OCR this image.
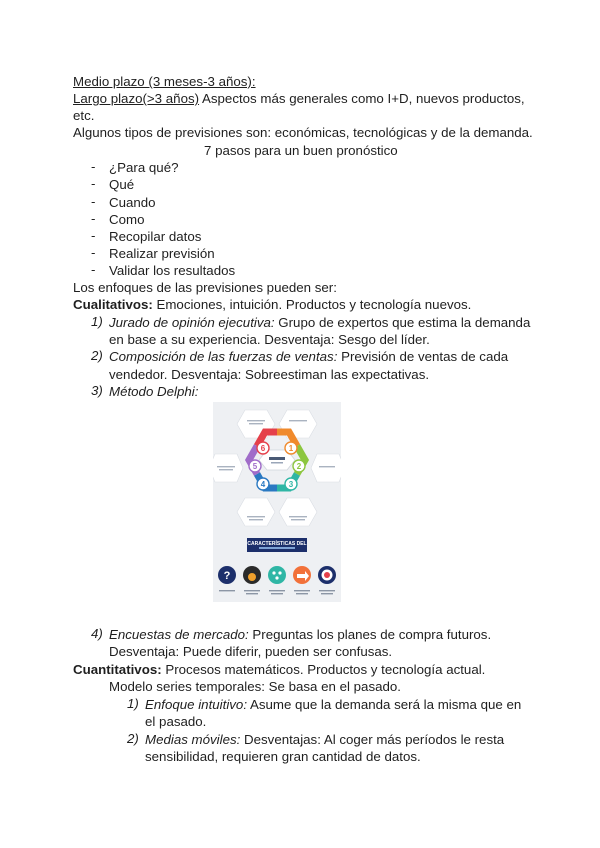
Medio plazo (3 meses-3 años):
Largo plazo(>3 años) Aspectos más generales como I+D, nuevos productos,
etc.
Algunos tipos de previsiones son: económicas, tecnológicas y de la demanda.
7 pasos para un buen pronóstico
- ¿Para qué?
- Qué
- Cuando
- Como
- Recopilar datos
- Realizar previsión
- Validar los resultados
Los enfoques de las previsiones pueden ser:
Cualitativos: Emociones, intuición. Productos y tecnología nuevos.
1) Jurado de opinión ejecutiva: Grupo de expertos que estima la demanda
en base a su experiencia. Desventaja: Sesgo del líder.
2) Composición de las fuerzas de ventas: Previsión de ventas de cada
vendedor. Desventaja: Sobreestiman las expectativas.
3) Método Delphi:
6	1
5	2
4	3
CARACTERÍSTICAS DEL
?
4) Encuestas de mercado: Preguntas los planes de compra futuros.
Desventaja: Puede diferir, pueden ser confusas.
Cuantitativos: Procesos matemáticos. Productos y tecnología actual.
Modelo series temporales: Se basa en el pasado.
1) Enfoque intuitivo: Asume que la demanda será la misma que en
el pasado.
2) Medias móviles: Desventajas: Al coger más períodos le resta
sensibilidad, requieren gran cantidad de datos.
